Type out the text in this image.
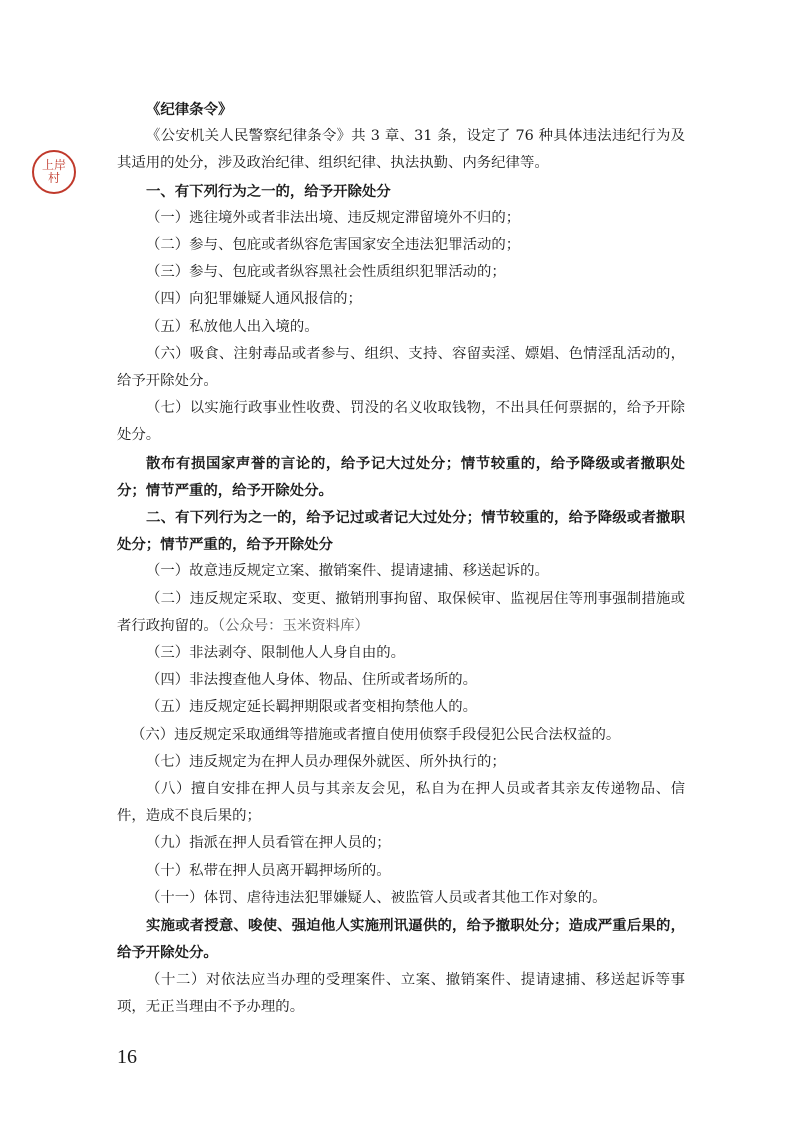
上岸村

《纪律条令》

《公安机关人民警察纪律条令》共 3 章、31 条，设定了 76 种具体违法违纪行为及其适用的处分，涉及政治纪律、组织纪律、执法执勤、内务纪律等。

一、有下列行为之一的，给予开除处分

（一）逃往境外或者非法出境、违反规定滞留境外不归的；

（二）参与、包庇或者纵容危害国家安全违法犯罪活动的；

（三）参与、包庇或者纵容黑社会性质组织犯罪活动的；

（四）向犯罪嫌疑人通风报信的；

（五）私放他人出入境的。

（六）吸食、注射毒品或者参与、组织、支持、容留卖淫、嫖娼、色情淫乱活动的，给予开除处分。

（七）以实施行政事业性收费、罚没的名义收取钱物，不出具任何票据的，给予开除处分。

散布有损国家声誉的言论的，给予记大过处分；情节较重的，给予降级或者撤职处分；情节严重的，给予开除处分。

二、有下列行为之一的，给予记过或者记大过处分；情节较重的，给予降级或者撤职处分；情节严重的，给予开除处分

（一）故意违反规定立案、撤销案件、提请逮捕、移送起诉的。

（二）违反规定采取、变更、撤销刑事拘留、取保候审、监视居住等刑事强制措施或者行政拘留的。（公众号：玉米资料库）

（三）非法剥夺、限制他人人身自由的。

（四）非法搜查他人身体、物品、住所或者场所的。

（五）违反规定延长羁押期限或者变相拘禁他人的。

（六）违反规定采取通缉等措施或者擅自使用侦察手段侵犯公民合法权益的。

（七）违反规定为在押人员办理保外就医、所外执行的；

（八）擅自安排在押人员与其亲友会见，私自为在押人员或者其亲友传递物品、信件，造成不良后果的；

（九）指派在押人员看管在押人员的；

（十）私带在押人员离开羁押场所的。

（十一）体罚、虐待违法犯罪嫌疑人、被监管人员或者其他工作对象的。

实施或者授意、唆使、强迫他人实施刑讯逼供的，给予撤职处分；造成严重后果的，给予开除处分。

（十二）对依法应当办理的受理案件、立案、撤销案件、提请逮捕、移送起诉等事项，无正当理由不予办理的。

16
